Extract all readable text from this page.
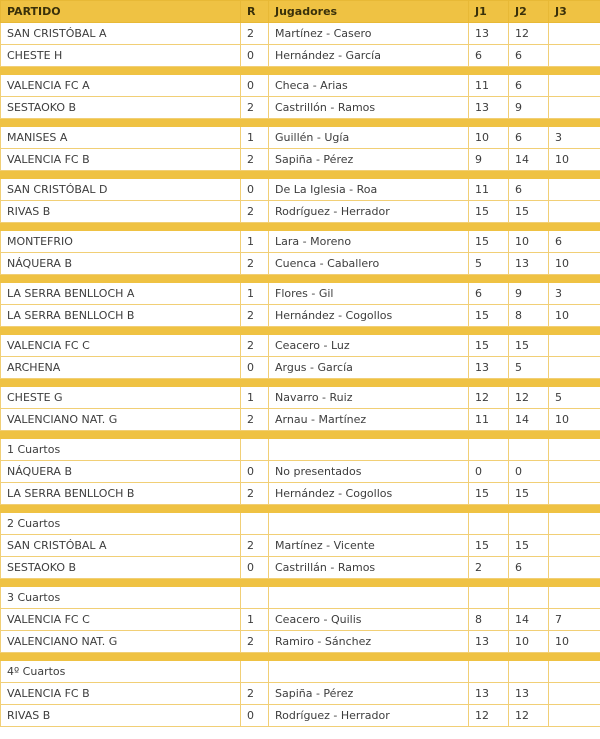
PARTIDO	R	Jugadores	J1	J2	J3
SAN CRISTÓBAL A	2	Martínez - Casero	13	12	
CHESTE H	0	Hernández - García	6	6	

VALENCIA FC A	0	Checa - Arias	11	6	
SESTAOKO B	2	Castrillón - Ramos	13	9	

MANISES A	1	Guillén - Ugía	10	6	3
VALENCIA FC B	2	Sapiña - Pérez	9	14	10

SAN CRISTÓBAL D	0	De La Iglesia - Roa	11	6	
RIVAS B	2	Rodríguez - Herrador	15	15	

MONTEFRIO	1	Lara - Moreno	15	10	6
NÁQUERA B	2	Cuenca - Caballero	5	13	10

LA SERRA BENLLOCH A	1	Flores - Gil	6	9	3
LA SERRA BENLLOCH B	2	Hernández - Cogollos	15	8	10

VALENCIA FC C	2	Ceacero - Luz	15	15	
ARCHENA	0	Argus - García	13	5	

CHESTE G	1	Navarro - Ruiz	12	12	5
VALENCIANO NAT. G	2	Arnau - Martínez	11	14	10

1 Cuartos					
NÁQUERA B	0	No presentados	0	0	
LA SERRA BENLLOCH B	2	Hernández - Cogollos	15	15	

2 Cuartos					
SAN CRISTÓBAL A	2	Martínez - Vicente	15	15	
SESTAOKO B	0	Castrillán - Ramos	2	6	

3 Cuartos					
VALENCIA FC C	1	Ceacero - Quilis	8	14	7
VALENCIANO NAT. G	2	Ramiro - Sánchez	13	10	10

4º Cuartos					
VALENCIA FC B	2	Sapiña - Pérez	13	13	
RIVAS B	0	Rodríguez - Herrador	12	12	
